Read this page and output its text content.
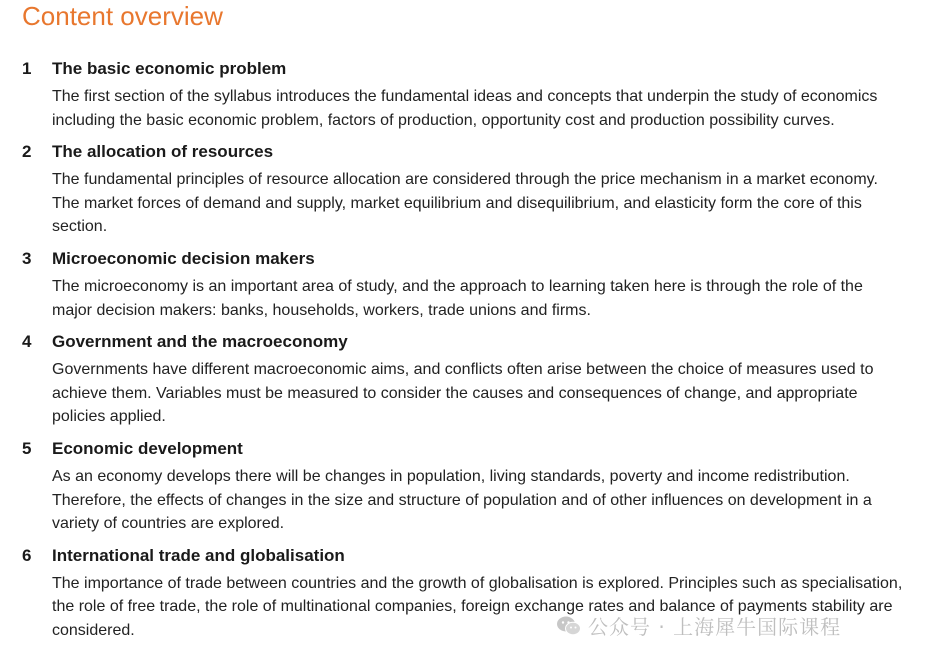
Content overview
1	The basic economic problem
The first section of the syllabus introduces the fundamental ideas and concepts that underpin the study of economics including the basic economic problem, factors of production, opportunity cost and production possibility curves.
2	The allocation of resources
The fundamental principles of resource allocation are considered through the price mechanism in a market economy. The market forces of demand and supply, market equilibrium and disequilibrium, and elasticity form the core of this section.
3	Microeconomic decision makers
The microeconomy is an important area of study, and the approach to learning taken here is through the role of the major decision makers: banks, households, workers, trade unions and firms.
4	Government and the macroeconomy
Governments have different macroeconomic aims, and conflicts often arise between the choice of measures used to achieve them. Variables must be measured to consider the causes and consequences of change, and appropriate policies applied.
5	Economic development
As an economy develops there will be changes in population, living standards, poverty and income redistribution. Therefore, the effects of changes in the size and structure of population and of other influences on development in a variety of countries are explored.
6	International trade and globalisation
The importance of trade between countries and the growth of globalisation is explored. Principles such as specialisation, the role of free trade, the role of multinational companies, foreign exchange rates and balance of payments stability are considered.	公众号 · 上海犀牛国际课程
